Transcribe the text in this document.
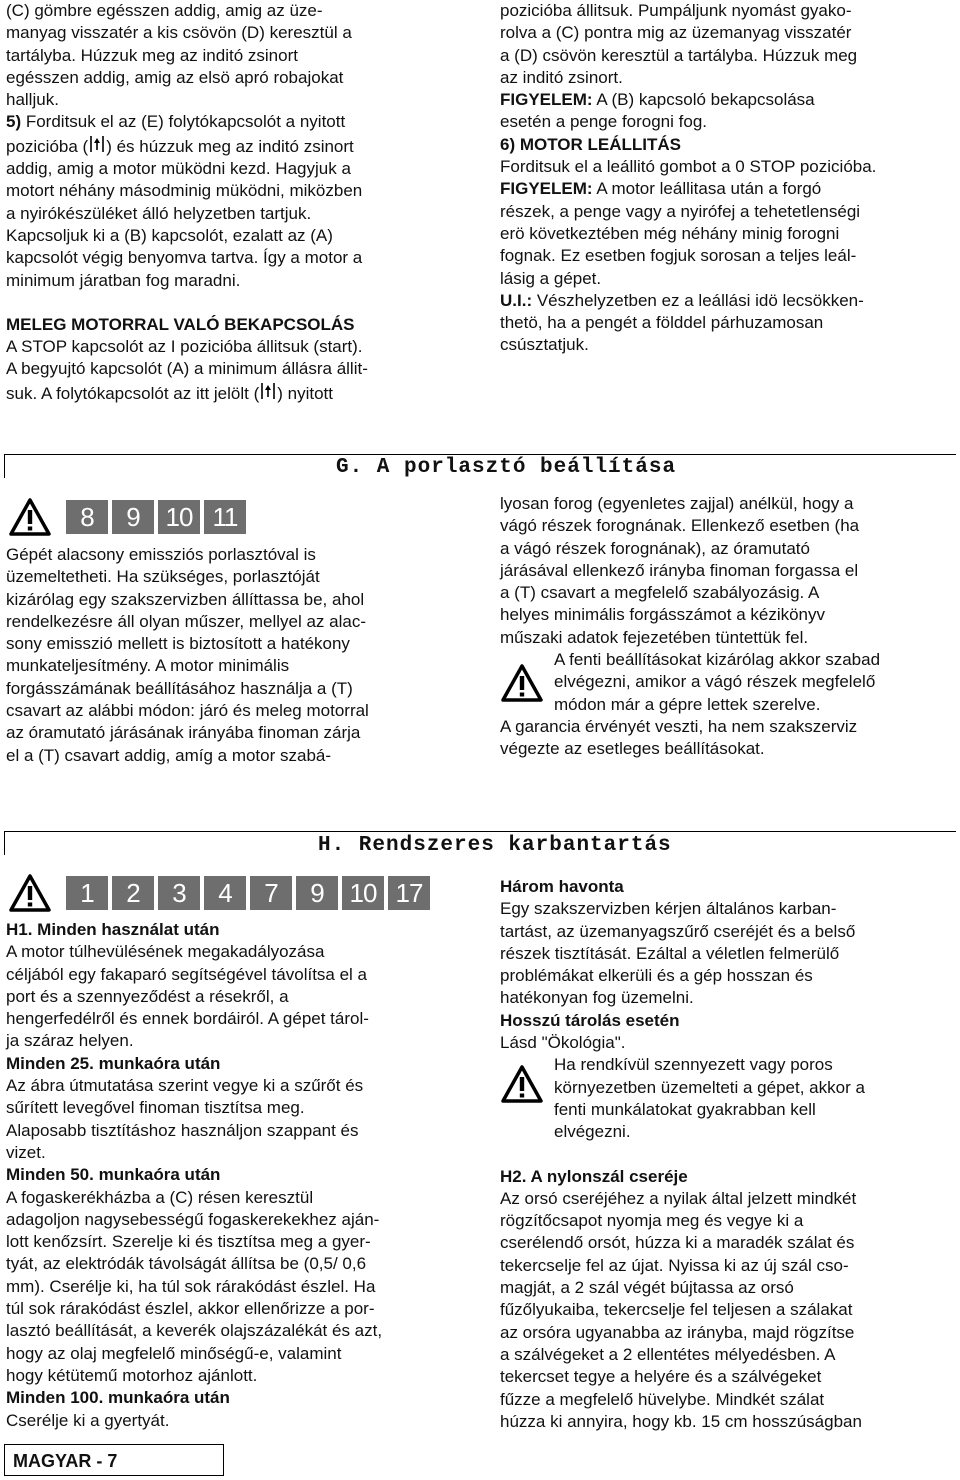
(C) gömbre egésszen addig, amig az üze-

manyag visszatér a kis csövön (D) keresztül a

tartályba. Húzzuk meg az inditó zsinort

egésszen addig, amig az elsö apró robajokat

halljuk.

5) Forditsuk el az (E) folytókapcsolót a nyitott

pozicióba ( ) és húzzuk meg az inditó zsinort

addig, amig a motor müködni kezd. Hagyjuk a

motort néhány másodminig müködni, miközben

a nyirókészüléket álló helyzetben tartjuk.

Kapcsoljuk ki a (B) kapcsolót, ezalatt az (A)

kapcsolót végig benyomva tartva. Így a motor a

minimum járatban fog maradni.

MELEG MOTORRAL VALÓ BEKAPCSOLÁS

A STOP kapcsolót az I pozicióba állitsuk (start).

A begyujtó kapcsolót (A) a minimum állásra állit-

suk. A folytókapcsolót az itt jelölt ( ) nyitott

pozicióba állitsuk. Pumpáljunk nyomást gyako-

rolva a (C) pontra mig az üzemanyag visszatér

a (D) csövön keresztül a tartályba. Húzzuk meg

az inditó zsinort.

FIGYELEM: A (B) kapcsoló bekapcsolása

esetén a penge forogni fog.

6) MOTOR LEÁLLITÁS

Forditsuk el a leállitó gombot a 0 STOP pozicióba.

FIGYELEM: A motor leállitasa után a forgó

részek, a penge vagy a nyirófej a tehetetlenségi

erö következtében még néhány minig forogni

fognak. Ez esetben fogjuk sorosan a teljes leál-

lásig a gépet.

U.I.: Vészhelyzetben ez a leállási idö lecsökken-

thetö, ha a pengét a földdel párhuzamosan

csúsztatjuk.

G. A porlasztó beállítása
8	9 10 11

Gépét alacsony emissziós porlasztóval is

üzemeltetheti. Ha szükséges, porlasztóját

kizárólag egy szakszervizben állíttassa be, ahol

rendelkezésre áll olyan műszer, mellyel az alac-

sony emisszió mellett is biztosított a hatékony

munkateljesítmény. A motor minimális

forgásszámának beállításához használja a (T)

csavart az alábbi módon: járó és meleg motorral

az óramutató járásának irányába finoman zárja

el a (T) csavart addig, amíg a motor szabá-

lyosan forog (egyenletes zajjal) anélkül, hogy a

vágó részek forognának. Ellenkező esetben (ha

a vágó részek forognának), az óramutató

járásával ellenkező irányba finoman forgassa el

a (T) csavart a megfelelő szabályozásig. A

helyes minimális forgásszámot a kézikönyv

műszaki adatok fejezetében tüntettük fel.

A fenti beállításokat kizárólag akkor szabad

elvégezni, amikor a vágó részek megfelelő

módon már a gépre lettek szerelve.

A garancia érvényét veszti, ha nem szakszerviz

végezte az esetleges beállításokat.

H. Rendszeres karbantartás
1	2	3	4	7	9 10 17

H1. Minden használat után

A motor túlhevülésének megakadályozása

céljából egy fakaparó segítségével távolítsa el a

port és a szennyeződést a résekről, a

hengerfedélről és ennek bordáiról. A gépet tárol-

ja száraz helyen.

Minden 25. munkaóra után

Az ábra útmutatása szerint vegye ki a szűrőt és

sűrített levegővel finoman tisztítsa meg.

Alaposabb tisztításhoz használjon szappant és

vizet.

Minden 50. munkaóra után

A fogaskerékházba a (C) résen keresztül

adagoljon nagysebességű fogaskerekekhez aján-

lott kenőzsírt. Szerelje ki és tisztítsa meg a gyer-

tyát, az elektródák távolságát állítsa be (0,5/ 0,6

mm). Cserélje ki, ha túl sok rárakódást észlel. Ha

túl sok rárakódást észlel, akkor ellenőrizze a por-

lasztó beállítását, a keverék olajszázalékát és azt,

hogy az olaj megfelelő minőségű-e, valamint

hogy kétütemű motorhoz ajánlott.

Minden 100. munkaóra után

Cserélje ki a gyertyát.

Három havonta

Egy szakszervizben kérjen általános karban-

tartást, az üzemanyagszűrő cseréjét és a belső

részek tisztítását. Ezáltal a véletlen felmerülő

problémákat elkerüli és a gép hosszan és

hatékonyan fog üzemelni.

Hosszú tárolás esetén

Lásd "Ökológia".

Ha rendkívül szennyezett vagy poros

környezetben üzemelteti a gépet, akkor a

fenti munkálatokat gyakrabban kell

elvégezni.

H2. A nylonszál cseréje

Az orsó cseréjéhez a nyilak által jelzett mindkét

rögzítőcsapot nyomja meg és vegye ki a

cserélendő orsót, húzza ki a maradék szálat és

tekercselje fel az újat. Nyissa ki az új szál cso-

magját, a 2 szál végét bújtassa az orsó

fűzőlyukaiba, tekercselje fel teljesen a szálakat

az orsóra ugyanabba az irányba, majd rögzítse

a szálvégeket a 2 ellentétes mélyedésben. A

tekercset tegye a helyére és a szálvégeket

fűzze a megfelelő hüvelybe. Mindkét szálat

húzza ki annyira, hogy kb. 15 cm hosszúságban

MAGYAR - 7
